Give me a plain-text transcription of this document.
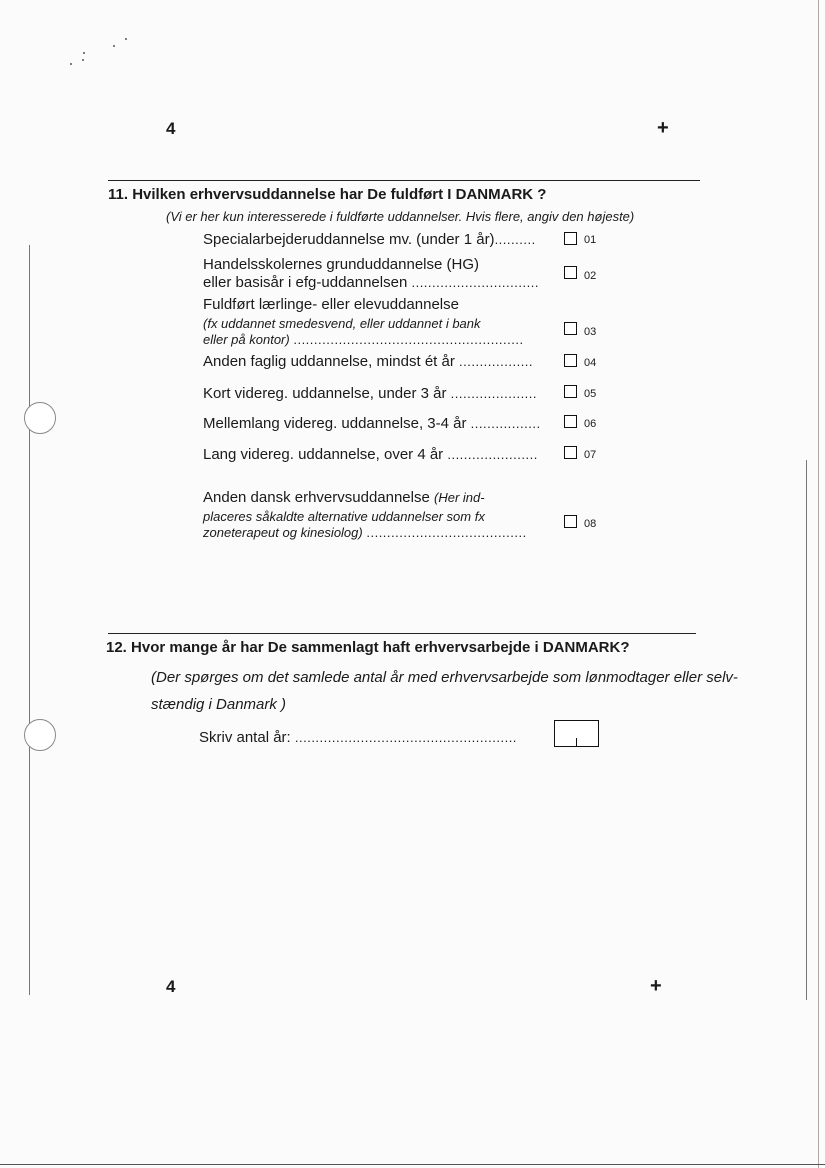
4	+
11. Hvilken erhvervsuddannelse har De fuldført I DANMARK ?
(Vi er her kun interesserede i fuldførte uddannelser. Hvis flere, angiv den højeste)
Specialarbejderuddannelse mv. (under 1 år)..........	01
Handelsskolernes grunduddannelse (HG)
eller basisår i efg-uddannelsen ...............................	02
Fuldført lærlinge- eller elevuddannelse
(fx uddannet smedesvend, eller uddannet i bank
eller på kontor) ........................................................	03
Anden faglig uddannelse, mindst ét år ..................	04
Kort videreg. uddannelse, under 3 år .....................	05
Mellemlang videreg. uddannelse, 3-4 år .................	06
Lang videreg. uddannelse, over 4 år ......................	07
Anden dansk erhvervsuddannelse (Her ind-
placeres såkaldte alternative uddannelser som fx
zoneterapeut og kinesiolog) .......................................
08
12. Hvor mange år har De sammenlagt haft erhvervsarbejde i DANMARK?
(Der spørges om det samlede antal år med erhvervsarbejde som lønmodtager eller selv-
stændig i Danmark )
Skriv antal år: ......................................................
4	+
